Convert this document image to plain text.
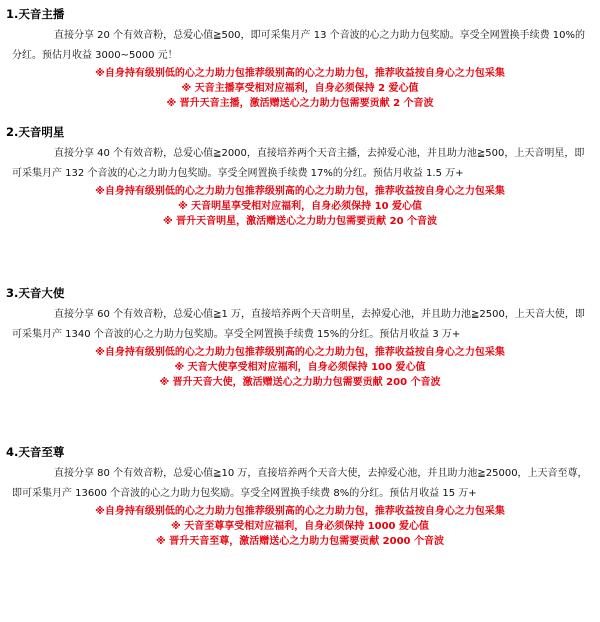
1.天音主播

直接分享 20 个有效音粉，总爱心值≧500，即可采集月产 13 个音波的心之力助力包奖励。享受全网置换手续费 10%的分红。预估月收益 3000~5000 元！

※自身持有级别低的心之力助力包推荐级别高的心之力助力包，推荐收益按自身心之力包采集

※ 天音主播享受相对应福利，自身必须保持 2 爱心值

※ 晋升天音主播，激活赠送心之力助力包需要贡献 2 个音波

2.天音明星

直接分享 40 个有效音粉，总爱心值≧2000，直接培养两个天音主播，去掉爱心池，并且助力池≧500，上天音明星，即可采集月产 132 个音波的心之力助力包奖励。享受全网置换手续费 17%的分红。预估月收益 1.5 万+

※自身持有级别低的心之力助力包推荐级别高的心之力助力包，推荐收益按自身心之力包采集

※ 天音明星享受相对应福利，自身必须保持 10 爱心值

※ 晋升天音明星，激活赠送心之力助力包需要贡献 20 个音波

3.天音大使

直接分享 60 个有效音粉，总爱心值≧1 万，直接培养两个天音明星，去掉爱心池，并且助力池≧2500，上天音大使，即可采集月产 1340 个音波的心之力助力包奖励。享受全网置换手续费 15%的分红。预估月收益 3 万+

※自身持有级别低的心之力助力包推荐级别高的心之力助力包，推荐收益按自身心之力包采集

※ 天音大使享受相对应福利，自身必须保持 100 爱心值

※ 晋升天音大使，激活赠送心之力助力包需要贡献 200 个音波

4.天音至尊

直接分享 80 个有效音粉，总爱心值≧10 万，直接培养两个天音大使，去掉爱心池，并且助力池≧25000，上天音至尊，即可采集月产 13600 个音波的心之力助力包奖励。享受全网置换手续费 8%的分红。预估月收益 15 万+

※自身持有级别低的心之力助力包推荐级别高的心之力助力包，推荐收益按自身心之力包采集

※ 天音至尊享受相对应福利，自身必须保持 1000 爱心值

※ 晋升天音至尊，激活赠送心之力助力包需要贡献 2000 个音波
